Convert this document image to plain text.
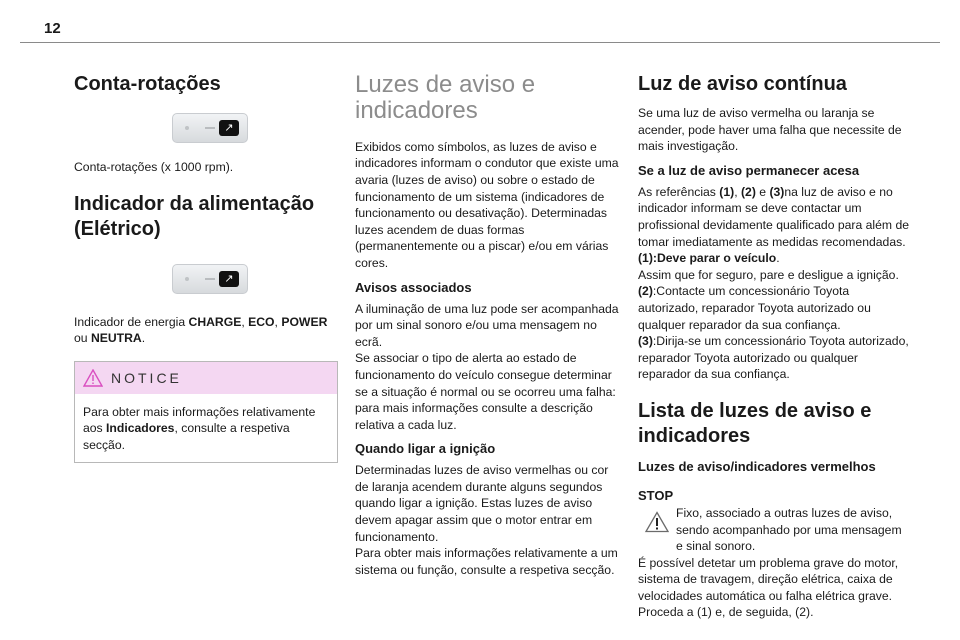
12
Conta-rotações
↗

Conta-rotações (x 1000 rpm).

Indicador da alimentação
(Elétrico)
↗

Indicador de energia CHARGE, ECO, POWER
ou NEUTRA.

NOTICE

Para obter mais informações relativamente aos Indicadores, consulte a respetiva secção.

Luzes de aviso e
indicadores

Exibidos como símbolos, as luzes de aviso e indicadores informam o condutor que existe uma avaria (luzes de aviso) ou sobre o estado de funcionamento de um sistema (indicadores de funcionamento ou desativação). Determinadas luzes acendem de duas formas (permanentemente ou a piscar) e/ou em várias cores.

Avisos associados

A iluminação de uma luz pode ser acompanhada por um sinal sonoro e/ou uma mensagem no ecrã.

Se associar o tipo de alerta ao estado de funcionamento do veículo consegue determinar se a situação é normal ou se ocorreu uma falha: para mais informações consulte a descrição relativa a cada luz.

Quando ligar a ignição

Determinadas luzes de aviso vermelhas ou cor de laranja acendem durante alguns segundos quando ligar a ignição. Estas luzes de aviso devem apagar assim que o motor entrar em funcionamento.

Para obter mais informações relativamente a um sistema ou função, consulte a respetiva secção.

Luz de aviso contínua

Se uma luz de aviso vermelha ou laranja se acender, pode haver uma falha que necessite de mais investigação.

Se a luz de aviso permanecer acesa

As referências (1), (2) e (3)na luz de aviso e no indicador informam se deve contactar um profissional devidamente qualificado para além de tomar imediatamente as medidas recomendadas.

(1):Deve parar o veículo.
Assim que for seguro, pare e desligue a ignição.

(2):Contacte um concessionário Toyota autorizado, reparador Toyota autorizado ou qualquer reparador da sua confiança.

(3):Dirija-se um concessionário Toyota autorizado, reparador Toyota autorizado ou qualquer reparador da sua confiança.

Lista de luzes de aviso e
indicadores
Luzes de aviso/indicadores vermelhos
STOP

Fixo, associado a outras luzes de aviso, sendo acompanhado por uma mensagem e sinal sonoro.

É possível detetar um problema grave do motor, sistema de travagem, direção elétrica, caixa de velocidades automática ou falha elétrica grave. Proceda a (1) e, de seguida, (2).
